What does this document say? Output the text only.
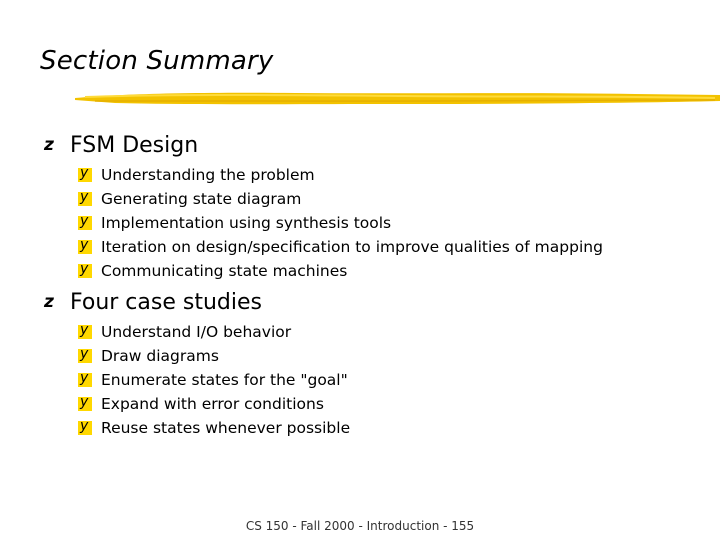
Section Summary
z FSM Design
y
Understanding the problem
y
Generating state diagram
y
Implementation using synthesis tools
y
Iteration on design/specification to improve qualities of mapping
y
Communicating state machines
z Four case studies
y
Understand I/O behavior
y
Draw diagrams
y
Enumerate states for the "goal"
y
Expand with error conditions
y
Reuse states whenever possible
CS 150 - Fall 2000 - Introduction - 155
